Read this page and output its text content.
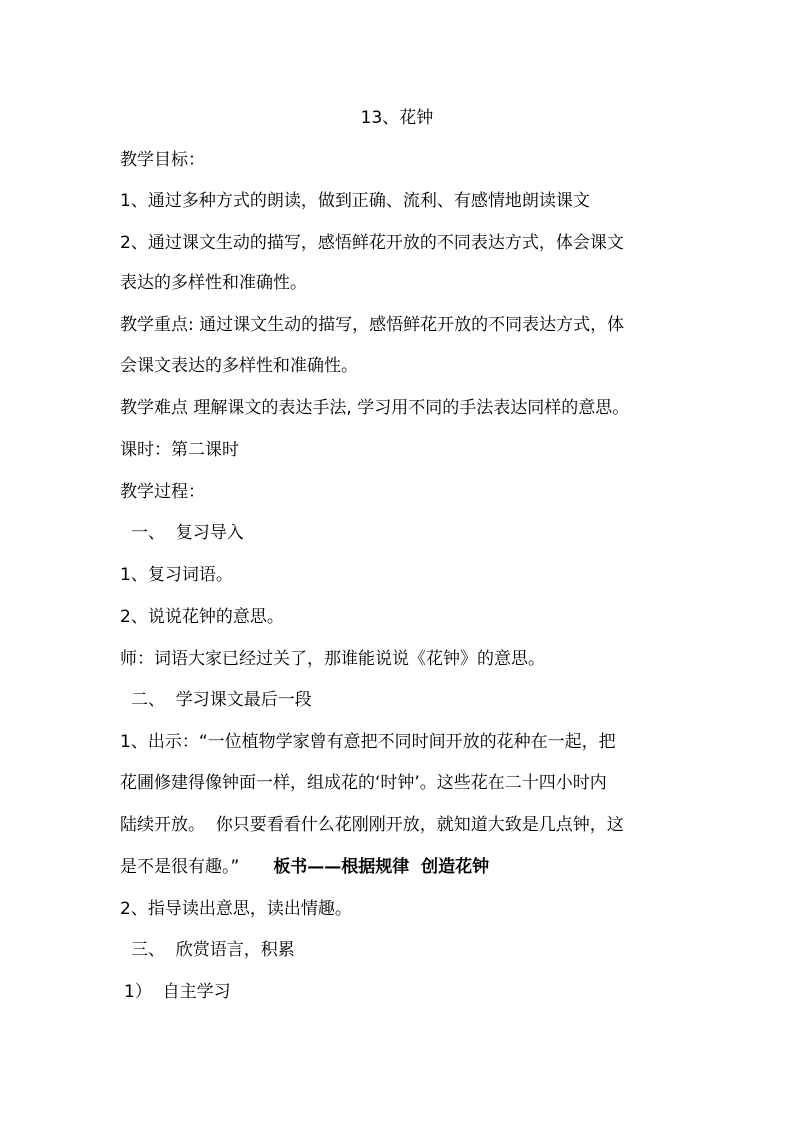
13、花钟
教学目标：
1、通过多种方式的朗读，做到正确、流利、有感情地朗读课文
2、通过课文生动的描写，感悟鲜花开放的不同表达方式，体会课文
表达的多样性和准确性。
教学重点: 通过课文生动的描写，感悟鲜花开放的不同表达方式，体
会课文表达的多样性和准确性。
教学难点 理解课文的表达手法, 学习用不同的手法表达同样的意思。
课时：第二课时
教学过程：
一、  复习导入
1、复习词语。
2、说说花钟的意思。
师：词语大家已经过关了，那谁能说说《花钟》的意思。
二、  学习课文最后一段
1、出示：“一位植物学家曾有意把不同时间开放的花种在一起，把
花圃修建得像钟面一样，组成花的‘时钟’。这些花在二十四小时内
陆续开放。  你只要看看什么花刚刚开放，就知道大致是几点钟，这
是不是很有趣。” 板书——根据规律  创造花钟
2、指导读出意思，读出情趣。
三、  欣赏语言，积累
1）  自主学习
